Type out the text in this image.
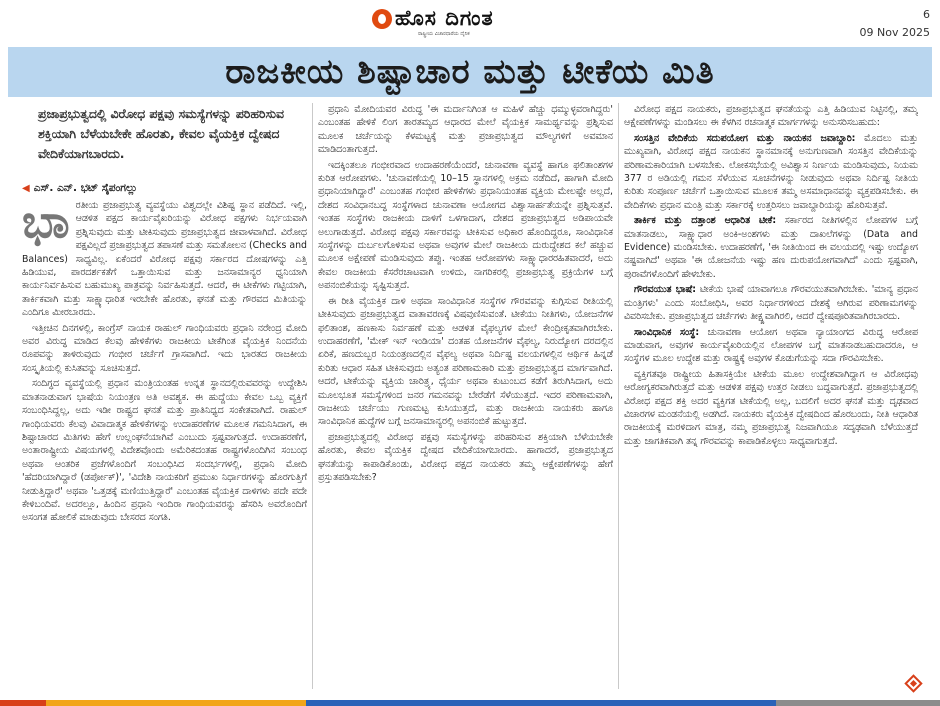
ಹೊಸ ದಿಗಂತ
ರಾಷ್ಟ್ರೀಯ ವಿಚಾರಧಾರೆಯ ದೈನಿಕ
6
09 Nov 2025
ರಾಜಕೀಯ ಶಿಷ್ಟಾಚಾರ ಮತ್ತು ಟೀಕೆಯ ಮಿತಿ
ಪ್ರಜಾಪ್ರಭುತ್ವದಲ್ಲಿ ವಿರೋಧ ಪಕ್ಷವು ಸಮಸ್ಯೆಗಳನ್ನು ಪರಿಹರಿಸುವ ಶಕ್ತಿಯಾಗಿ ಬೆಳೆಯಬೇಕೇ ಹೊರತು, ಕೇವಲ ವೈಯಕ್ತಿಕ ದ್ವೇಷದ ವೇದಿಕೆಯಾಗಬಾರದು.
◀ ಎಸ್. ಎನ್. ಭಟ್ ಸೈಪಂಗಲ್ಲು

ಭಾ ರತೀಯ ಪ್ರಜಾಪ್ರಭುತ್ವ ವ್ಯವಸ್ಥೆಯು ವಿಶ್ವದಲ್ಲೇ ವಿಶಿಷ್ಟ ಸ್ಥಾನ ಪಡೆದಿದೆ. ಇಲ್ಲಿ, ಆಡಳಿತ ಪಕ್ಷದ ಕಾರ್ಯವೈಖರಿಯನ್ನು ವಿರೋಧ ಪಕ್ಷಗಳು ನಿರ್ಭಯವಾಗಿ ಪ್ರಶ್ನಿಸುವುದು ಮತ್ತು ಟೀಕಿಸುವುದು ಪ್ರಜಾಪ್ರಭುತ್ವದ ಜೀವಾಳವಾಗಿದೆ. ವಿರೋಧ ಪಕ್ಷವಿಲ್ಲದೆ ಪ್ರಜಾಪ್ರಭುತ್ವದ ತಪಾಸಣೆ ಮತ್ತು ಸಮತೋಲನ (Checks and Balances) ಸಾಧ್ಯವಿಲ್ಲ. ಏಕೆಂದರೆ ವಿರೋಧ ಪಕ್ಷವು ಸರ್ಕಾರದ ದೋಷಗಳನ್ನು ಎತ್ತಿ ಹಿಡಿಯುವ, ಪಾರದರ್ಶಕತೆಗೆ ಒತ್ತಾಯಿಸುವ ಮತ್ತು ಜನಸಾಮಾನ್ಯರ ಧ್ವನಿಯಾಗಿ ಕಾರ್ಯನಿರ್ವಹಿಸುವ ಬಹುಮುಖ್ಯ ಪಾತ್ರವನ್ನು ನಿರ್ವಹಿಸುತ್ತದೆ. ಆದರೆ, ಈ ಟೀಕೆಗಳು ಗಟ್ಟಿಯಾಗಿ, ತಾರ್ಕಿಕವಾಗಿ ಮತ್ತು ಸಾಕ್ಷ್ಯಾಧಾರಿತ ಇರಬೇಕೇ ಹೊರತು, ಘನತೆ ಮತ್ತು ಗೌರವದ ಮಿತಿಯನ್ನು ಎಂದಿಗೂ ಮೀರಬಾರದು.

ಇತ್ತೀಚಿನ ದಿನಗಳಲ್ಲಿ, ಕಾಂಗ್ರೆಸ್ ನಾಯಕ ರಾಹುಲ್ ಗಾಂಧಿಯವರು ಪ್ರಧಾನಿ ನರೇಂದ್ರ ಮೋದಿ ಅವರ ವಿರುದ್ಧ ಮಾಡಿದ ಕೆಲವು ಹೇಳಿಕೆಗಳು ರಾಜಕೀಯ ಟೀಕೆಗಿಂತ ವೈಯಕ್ತಿಕ ನಿಂದನೆಯ ರೂಪವನ್ನು ತಾಳಿರುವುದು ಗಂಭೀರ ಚರ್ಚೆಗೆ ಗ್ರಾಸವಾಗಿದೆ. ಇದು ಭಾರತದ ರಾಜಕೀಯ ಸಂಸ್ಕೃತಿಯಲ್ಲಿ ಕುಸಿತವನ್ನು ಸೂಚಿಸುತ್ತದೆ.

ಸಂದಿಗ್ಧದ ವ್ಯವಸ್ಥೆಯಲ್ಲಿ ಪ್ರಧಾನ ಮಂತ್ರಿಯಂತಹ ಉನ್ನತ ಸ್ಥಾನದಲ್ಲಿರುವವರನ್ನು ಉದ್ದೇಶಿಸಿ ಮಾತನಾಡುವಾಗ ಭಾಷೆಯ ನಿಯಂತ್ರಣ ಅತಿ ಅವಶ್ಯಕ. ಈ ಹುದ್ದೆಯು ಕೇವಲ ಒಬ್ಬ ವ್ಯಕ್ತಿಗೆ ಸಂಬಂಧಿಸಿದ್ದಲ್ಲ, ಅದು ಇಡೀ ರಾಷ್ಟ್ರದ ಘನತೆ ಮತ್ತು ಪ್ರಾತಿನಿಧ್ಯದ ಸಂಕೇತವಾಗಿದೆ. ರಾಹುಲ್ ಗಾಂಧಿಯವರು ಕೆಲವು ವಿವಾದಾತ್ಮಕ ಹೇಳಿಕೆಗಳನ್ನು ಉದಾಹರಣೆಗಳ ಮೂಲಕ ಗಮನಿಸಿದಾಗ, ಈ ಶಿಷ್ಟಾಚಾರದ ಮಿತಿಗಳು ಹೇಗೆ ಉಲ್ಲಂಘನೆಯಾಗಿವೆ ಎಂಬುದು ಸ್ಪಷ್ಟವಾಗುತ್ತದೆ. ಉದಾಹರಣೆಗೆ, ಅಂತಾರಾಷ್ಟ್ರೀಯ ವಿಷಯಗಳಲ್ಲಿ ವಿದೇಶವೊಂದು ಅಮೆರಿಕದಂತಹ ರಾಷ್ಟ್ರಗಳೊಂದಿಗಿನ ಸಂಬಂಧ ಅಥವಾ ಆಂತರಿಕ ಪ್ರಜೆಗಳೊಂದಿಗೆ ಸಂಬಂಧಿಸಿದ ಸಂದರ್ಭಗಳಲ್ಲಿ, ಪ್ರಧಾನಿ ಮೋದಿ 'ಹೆದರಿಯಾಗಿದ್ದಾರೆ (ಡರ್ಪೋಕ್)', 'ವಿದೇಶಿ ನಾಯಕರಿಗೆ ಪ್ರಮುಖ ನಿರ್ಧಾರಗಳನ್ನು ಹೊರಗುತ್ತಿಗೆ ನೀಡುತ್ತಿದ್ದಾರೆ' ಅಥವಾ 'ಒತ್ತಡಕ್ಕೆ ಮಣಿಯುತ್ತಿದ್ದಾರೆ' ಎಂಬಂತಹ ವೈಯಕ್ತಿಕ ದಾಳಿಗಳು ಪದೇ ಪದೇ ಕೇಳಿಬಂದಿವೆ. ಅದರಲ್ಲೂ, ಹಿಂದಿನ ಪ್ರಧಾನಿ ಇಂದಿರಾ ಗಾಂಧಿಯವರನ್ನು ಹೆಸರಿಸಿ ಅವರೊಂದಿಗೆ ಅಸಂಗತ ಹೋಲಿಕೆ ಮಾಡುವುದು ಬೇಸರದ ಸಂಗತಿ.

ಪ್ರಧಾನಿ ಮೋದಿಯವರ ವಿರುದ್ಧ 'ಈ ಮರ್ದಾನಿಗಿಂತ ಆ ಮಹಿಳೆ ಹೆಚ್ಚು ಧಮ್ಮುಳ್ಳವರಾಗಿದ್ದರು' ಎಂಬಂತಹ ಹೇಳಿಕೆ ಲಿಂಗ ತಾರತಮ್ಯದ ಆಧಾರದ ಮೇಲೆ ವೈಯಕ್ತಿಕ ಸಾಮರ್ಥ್ಯವನ್ನು ಪ್ರಶ್ನಿಸುವ ಮೂಲಕ ಚರ್ಚೆಯನ್ನು ಕೆಳಮಟ್ಟಕ್ಕೆ ಮತ್ತು ಪ್ರಜಾಪ್ರಭುತ್ವದ ಮೌಲ್ಯಗಳಿಗೆ ಅವಮಾನ ಮಾಡಿದಂತಾಗುತ್ತದೆ.

ಇದಕ್ಕಿಂತಲೂ ಗಂಭೀರವಾದ ಉದಾಹರಣೆಯೆಂದರೆ, ಚುನಾವಣಾ ವ್ಯವಸ್ಥೆ ಹಾಗೂ ಫಲಿತಾಂಶಗಳ ಕುರಿತ ಆರೋಪಗಳು. 'ಚುನಾವಣೆಯಲ್ಲಿ 10–15 ಸ್ಥಾನಗಳಲ್ಲಿ ಅಕ್ರಮ ನಡೆದಿದೆ, ಹಾಗಾಗಿ ಮೋದಿ ಪ್ರಧಾನಿಯಾಗಿದ್ದಾರೆ' ಎಂಬಂತಹ ಗಂಭೀರ ಹೇಳಿಕೆಗಳು ಪ್ರಧಾನಿಯಂತಹ ವ್ಯಕ್ತಿಯ ಮೇಲಷ್ಟೇ ಅಲ್ಲದೆ, ದೇಶದ ಸಂವಿಧಾನಬದ್ಧ ಸಂಸ್ಥೆಗಳಾದ ಚುನಾವಣಾ ಆಯೋಗದ ವಿಶ್ವಾಸಾರ್ಹತೆಯನ್ನೇ ಪ್ರಶ್ನಿಸುತ್ತವೆ. ಇಂತಹ ಸಂಸ್ಥೆಗಳು ರಾಜಕೀಯ ದಾಳಿಗೆ ಒಳಗಾದಾಗ, ದೇಶದ ಪ್ರಜಾಪ್ರಭುತ್ವದ ಅಡಿಪಾಯವೇ ಅಲುಗಾಡುತ್ತದೆ. ವಿರೋಧ ಪಕ್ಷವು ಸರ್ಕಾರವನ್ನು ಟೀಕಿಸುವ ಅಧಿಕಾರ ಹೊಂದಿದ್ದರೂ, ಸಾಂವಿಧಾನಿಕ ಸಂಸ್ಥೆಗಳನ್ನು ದುರ್ಬಲಗೊಳಿಸುವ ಅಥವಾ ಅವುಗಳ ಮೇಲೆ ರಾಜಕೀಯ ದುರುದ್ದೇಶದ ಕಲೆ ಹಚ್ಚುವ ಮೂಲಕ ಅಕ್ಷೇಪಣೆ ಮಂಡಿಸುವುದು ತಪ್ಪು. ಇಂತಹ ಆರೋಪಗಳು ಸಾಕ್ಷ್ಯಾಧಾರರಹಿತವಾದರೆ, ಅದು ಕೇವಲ ರಾಜಕೀಯ ಕೆಸರೆರಚಾಟವಾಗಿ ಉಳಿದು, ನಾಗರಿಕರಲ್ಲಿ ಪ್ರಜಾಪ್ರಭುತ್ವ ಪ್ರಕ್ರಿಯೆಗಳ ಬಗ್ಗೆ ಅಪನಂಬಿಕೆಯನ್ನು ಸೃಷ್ಟಿಸುತ್ತದೆ.

ಈ ರೀತಿ ವೈಯಕ್ತಿಕ ದಾಳಿ ಅಥವಾ ಸಾಂವಿಧಾನಿಕ ಸಂಸ್ಥೆಗಳ ಗೌರವವನ್ನು ಕುಗ್ಗಿಸುವ ರೀತಿಯಲ್ಲಿ ಟೀಕಿಸುವುದು ಪ್ರಜಾಪ್ರಭುತ್ವದ ವಾತಾವರಣಕ್ಕೆ ವಿಷವುಣಿಸುವಂತೆ. ಟೀಕೆಯು ನೀತಿಗಳು, ಯೋಜನೆಗಳ ಫಲಿತಾಂಶ, ಹಣಕಾಸು ನಿರ್ವಹಣೆ ಮತ್ತು ಆಡಳಿತ ವೈಫಲ್ಯಗಳ ಮೇಲೆ ಕೇಂದ್ರೀಕೃತವಾಗಿರಬೇಕು. ಉದಾಹರಣೆಗೆ, 'ಮೇಕ್ ಇನ್ ಇಂಡಿಯಾ' ದಂತಹ ಯೋಜನೆಗಳ ವೈಫಲ್ಯ, ನಿರುದ್ಯೋಗ ದರದಲ್ಲಿನ ಏರಿಕೆ, ಹಣದುಬ್ಬರ ನಿಯಂತ್ರಣದಲ್ಲಿನ ವೈಫಲ್ಯ ಅಥವಾ ನಿರ್ದಿಷ್ಟ ವಲಯಗಳಲ್ಲಿನ ಆರ್ಥಿಕ ಹಿನ್ನಡೆ ಕುರಿತು ಆಧಾರ ಸಹಿತ ಟೀಕಿಸುವುದು ಅತ್ಯಂತ ಪರಿಣಾಮಕಾರಿ ಮತ್ತು ಪ್ರಜಾಪ್ರಭುತ್ವದ ಮಾರ್ಗವಾಗಿದೆ. ಆದರೆ, ಟೀಕೆಯನ್ನು ವ್ಯಕ್ತಿಯ ಚಾರಿತ್ರ್ಯ, ಧೈರ್ಯ ಅಥವಾ ಕುಟುಂಬದ ಕಡೆಗೆ ತಿರುಗಿಸಿದಾಗ, ಅದು ಮೂಲಭೂತ ಸಮಸ್ಯೆಗಳಿಂದ ಜನರ ಗಮನವನ್ನು ಬೇರೆಡೆಗೆ ಸೆಳೆಯುತ್ತದೆ. ಇದರ ಪರಿಣಾಮವಾಗಿ, ರಾಜಕೀಯ ಚರ್ಚೆಯು ಗುಣಮಟ್ಟ ಕುಸಿಯುತ್ತದೆ, ಮತ್ತು ರಾಜಕೀಯ ನಾಯಕರು ಹಾಗೂ ಸಾಂವಿಧಾನಿಕ ಹುದ್ದೆಗಳ ಬಗ್ಗೆ ಜನಸಾಮಾನ್ಯರಲ್ಲಿ ಅಪನಂಬಿಕೆ ಹುಟ್ಟುತ್ತದೆ.

ಪ್ರಜಾಪ್ರಭುತ್ವದಲ್ಲಿ ವಿರೋಧ ಪಕ್ಷವು ಸಮಸ್ಯೆಗಳನ್ನು ಪರಿಹರಿಸುವ ಶಕ್ತಿಯಾಗಿ ಬೆಳೆಯಬೇಕೇ ಹೊರತು, ಕೇವಲ ವೈಯಕ್ತಿಕ ದ್ವೇಷದ ವೇದಿಕೆಯಾಗಬಾರದು. ಹಾಗಾದರೆ, ಪ್ರಜಾಪ್ರಭುತ್ವದ ಘನತೆಯನ್ನು ಕಾಪಾಡಿಕೊಂಡು, ವಿರೋಧ ಪಕ್ಷದ ನಾಯಕರು ತಮ್ಮ ಆಕ್ಷೇಪಣೆಗಳನ್ನು ಹೇಗೆ ಪ್ರಸ್ತುತಪಡಿಸಬೇಕು?

ವಿರೋಧ ಪಕ್ಷದ ನಾಯಕರು, ಪ್ರಜಾಪ್ರಭುತ್ವದ ಘನತೆಯನ್ನು ಎತ್ತಿ ಹಿಡಿಯುವ ನಿಟ್ಟಿನಲ್ಲಿ, ತಮ್ಮ ಆಕ್ಷೇಪಣೆಗಳನ್ನು ಮಂಡಿಸಲು ಈ ಕೆಳಗಿನ ರಚನಾತ್ಮಕ ಮಾರ್ಗಗಳನ್ನು ಅನುಸರಿಸಬಹುದು:

ಸಂಸತ್ತಿನ ವೇದಿಕೆಯ ಸದುಪಯೋಗ ಮತ್ತು ನಾಯಕನ ಜವಾಬ್ದಾರಿ: ಮೊದಲು ಮತ್ತು ಮುಖ್ಯವಾಗಿ, ವಿರೋಧ ಪಕ್ಷದ ನಾಯಕನ ಸ್ಥಾನಮಾನಕ್ಕೆ ಅನುಗುಣವಾಗಿ ಸಂಸತ್ತಿನ ವೇದಿಕೆಯನ್ನು ಪರಿಣಾಮಕಾರಿಯಾಗಿ ಬಳಸಬೇಕು. ಲೋಕಸಭೆಯಲ್ಲಿ ಅವಿಶ್ವಾಸ ನಿರ್ಣಯ ಮಂಡಿಸುವುದು, ನಿಯಮ 377 ರ ಅಡಿಯಲ್ಲಿ ಗಮನ ಸೆಳೆಯುವ ಸೂಚನೆಗಳನ್ನು ನೀಡುವುದು ಅಥವಾ ನಿರ್ದಿಷ್ಟ ನೀತಿಯ ಕುರಿತು ಸಂಪೂರ್ಣ ಚರ್ಚೆಗೆ ಒತ್ತಾಯಿಸುವ ಮೂಲಕ ತಮ್ಮ ಅಸಮಾಧಾನವನ್ನು ವ್ಯಕ್ತಪಡಿಸಬೇಕು. ಈ ವೇದಿಕೆಗಳು ಪ್ರಧಾನ ಮಂತ್ರಿ ಮತ್ತು ಸರ್ಕಾರಕ್ಕೆ ಉತ್ತರಿಸಲು ಜವಾಬ್ದಾರಿಯನ್ನು ಹೊರಿಸುತ್ತವೆ.

ತಾರ್ಕಿಕ ಮತ್ತು ದತ್ತಾಂಶ ಆಧಾರಿತ ಟೀಕೆ: ಸರ್ಕಾರದ ನೀತಿಗಳಲ್ಲಿನ ಲೋಪಗಳ ಬಗ್ಗೆ ಮಾತನಾಡಲು, ಸಾಕ್ಷ್ಯಾಧಾರ ಅಂಕಿ-ಅಂಶಗಳು ಮತ್ತು ದಾಖಲೆಗಳನ್ನು (Data and Evidence) ಮಂಡಿಸಬೇಕು. ಉದಾಹರಣೆಗೆ, 'ಈ ನೀತಿಯಿಂದ ಈ ವಲಯದಲ್ಲಿ ಇಷ್ಟು ಉದ್ಯೋಗ ನಷ್ಟವಾಗಿದೆ' ಅಥವಾ 'ಈ ಯೋಜನೆಯ ಇಷ್ಟು ಹಣ ದುರುಪಯೋಗವಾಗಿದೆ' ಎಂದು ಸ್ಪಷ್ಟವಾಗಿ, ಪುರಾವೆಗಳೊಂದಿಗೆ ಹೇಳಬೇಕು.

ಗೌರವಯುತ ಭಾಷೆ: ಟೀಕೆಯ ಭಾಷೆ ಯಾವಾಗಲೂ ಗೌರವಯುತವಾಗಿರಬೇಕು. 'ಮಾನ್ಯ ಪ್ರಧಾನ ಮಂತ್ರಿಗಳು' ಎಂದು ಸಂಬೋಧಿಸಿ, ಅವರ ನಿರ್ಧಾರಗಳಿಂದ ದೇಶಕ್ಕೆ ಆಗಿರುವ ಪರಿಣಾಮಗಳನ್ನು ವಿವರಿಸಬೇಕು. ಪ್ರಜಾಪ್ರಭುತ್ವದ ಚರ್ಚೆಗಳು ತೀಕ್ಷ್ಣವಾಗಿರಲಿ, ಆದರೆ ದ್ವೇಷಪೂರಿತವಾಗಿರಬಾರದು.

ಸಾಂವಿಧಾನಿಕ ಸಂಸ್ಥೆ: ಚುನಾವಣಾ ಆಯೋಗ ಅಥವಾ ನ್ಯಾಯಾಂಗದ ವಿರುದ್ಧ ಆರೋಪ ಮಾಡುವಾಗ, ಅವುಗಳ ಕಾರ್ಯವೈಖರಿಯಲ್ಲಿನ ಲೋಪಗಳ ಬಗ್ಗೆ ಮಾತನಾಡಬಹುದಾದರೂ, ಆ ಸಂಸ್ಥೆಗಳ ಮೂಲ ಉದ್ದೇಶ ಮತ್ತು ರಾಷ್ಟ್ರಕ್ಕೆ ಅವುಗಳ ಕೊಡುಗೆಯನ್ನು ಸದಾ ಗೌರವಿಸಬೇಕು.

ವ್ಯಕ್ತಿಗತವೂ ರಾಷ್ಟ್ರೀಯ ಹಿತಾಸಕ್ತಿಯೇ ಟೀಕೆಯ ಮೂಲ ಉದ್ದೇಶವಾಗಿದ್ದಾಗ ಆ ವಿರೋಧವು ಆರೋಗ್ಯಕರವಾಗಿರುತ್ತದೆ ಮತ್ತು ಆಡಳಿತ ಪಕ್ಷವು ಉತ್ತರ ನೀಡಲು ಬದ್ಧವಾಗುತ್ತದೆ. ಪ್ರಜಾಪ್ರಭುತ್ವದಲ್ಲಿ ವಿರೋಧ ಪಕ್ಷದ ಶಕ್ತಿ ಅದರ ವ್ಯಕ್ತಿಗತ ಟೀಕೆಯಲ್ಲಿ ಅಲ್ಲ, ಬದಲಿಗೆ ಅದರ ಘನತೆ ಮತ್ತು ದೃಢವಾದ ವಿಚಾರಗಳ ಮಂಡನೆಯಲ್ಲಿ ಅಡಗಿದೆ. ನಾಯಕರು ವೈಯಕ್ತಿಕ ದ್ವೇಷದಿಂದ ಹೊರಬಂದು, ನೀತಿ ಆಧಾರಿತ ರಾಜಕೀಯಕ್ಕೆ ಮರಳಿದಾಗ ಮಾತ್ರ, ನಮ್ಮ ಪ್ರಜಾಪ್ರಭುತ್ವ ನಿಜವಾಗಿಯೂ ಸದೃಢವಾಗಿ ಬೆಳೆಯುತ್ತದೆ ಮತ್ತು ಜಾಗತಿಕವಾಗಿ ತನ್ನ ಗೌರವವನ್ನು ಕಾಪಾಡಿಕೊಳ್ಳಲು ಸಾಧ್ಯವಾಗುತ್ತದೆ.
